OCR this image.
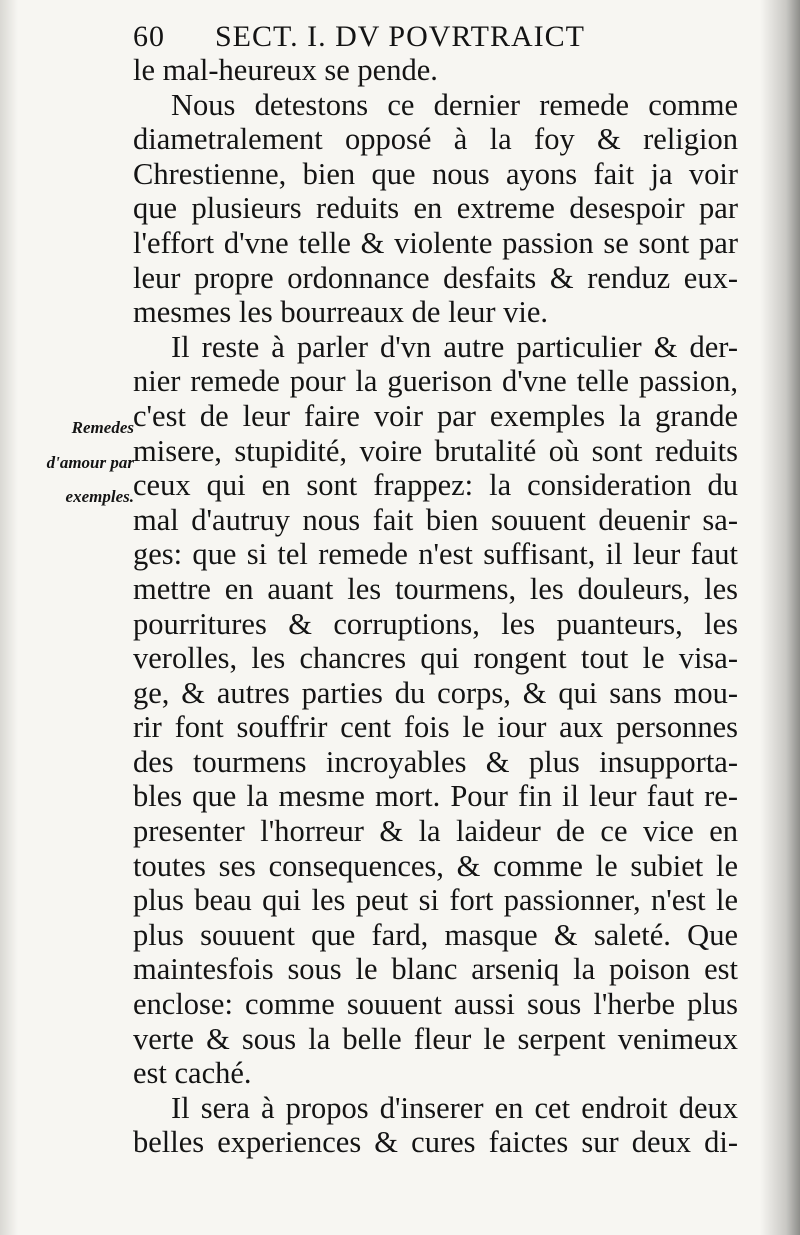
60 SECT. I. DV POVRTRAICT
Remedes
d'amour par
exemples.
le mal-heureux se pende.
Nous detestons ce dernier remede comme
diametralement opposé à la foy & religion
Chrestienne, bien que nous ayons fait ja voir
que plusieurs reduits en extreme desespoir par
l'effort d'vne telle & violente passion se sont par
leur propre ordonnance desfaits & renduz eux-
mesmes les bourreaux de leur vie.
Il reste à parler d'vn autre particulier & der-
nier remede pour la guerison d'vne telle passion,
c'est de leur faire voir par exemples la grande
misere, stupidité, voire brutalité où sont reduits
ceux qui en sont frappez: la consideration du
mal d'autruy nous fait bien souuent deuenir sa-
ges: que si tel remede n'est suffisant, il leur faut
mettre en auant les tourmens, les douleurs, les
pourritures & corruptions, les puanteurs, les
verolles, les chancres qui rongent tout le visa-
ge, & autres parties du corps, & qui sans mou-
rir font souffrir cent fois le iour aux personnes
des tourmens incroyables & plus insupporta-
bles que la mesme mort. Pour fin il leur faut re-
presenter l'horreur & la laideur de ce vice en
toutes ses consequences, & comme le subiet le
plus beau qui les peut si fort passionner, n'est le
plus souuent que fard, masque & saleté. Que
maintesfois sous le blanc arseniq la poison est
enclose: comme souuent aussi sous l'herbe plus
verte & sous la belle fleur le serpent venimeux
est caché.
Il sera à propos d'inserer en cet endroit deux
belles experiences & cures faictes sur deux di-
